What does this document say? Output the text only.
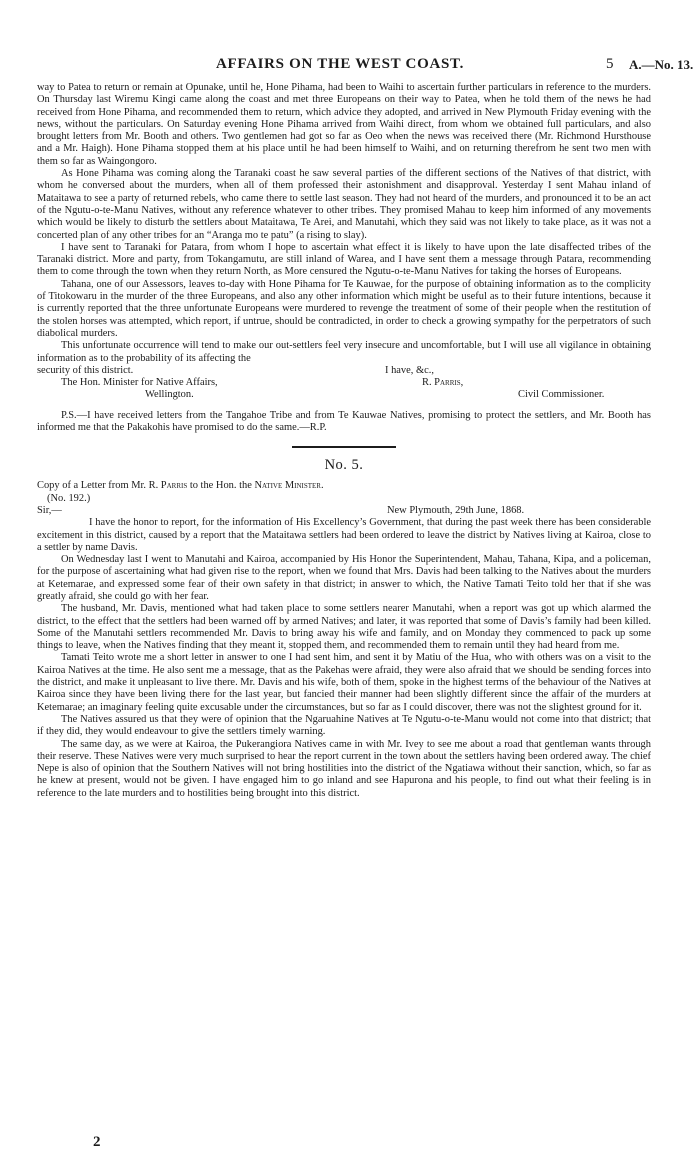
AFFAIRS ON THE WEST COAST.	5 A.—No. 13.

way to Patea to return or remain at Opunake, until he, Hone Pihama, had been to Waihi to ascertain further particulars in reference to the murders. On Thursday last Wiremu Kingi came along the coast and met three Europeans on their way to Patea, when he told them of the news he had received from Hone Pihama, and recommended them to return, which advice they adopted, and arrived in New Plymouth Friday evening with the news, without the particulars. On Saturday evening Hone Pihama arrived from Waihi direct, from whom we obtained full particulars, and also brought letters from Mr. Booth and others. Two gentlemen had got so far as Oeo when the news was received there (Mr. Richmond Hursthouse and a Mr. Haigh). Hone Pihama stopped them at his place until he had been himself to Waihi, and on returning therefrom he sent two men with them so far as Waingongoro.

As Hone Pihama was coming along the Taranaki coast he saw several parties of the different sections of the Natives of that district, with whom he conversed about the murders, when all of them professed their astonishment and disapproval. Yesterday I sent Mahau inland of Mataitawa to see a party of returned rebels, who came there to settle last season. They had not heard of the murders, and pronounced it to be an act of the Ngutu-o-te-Manu Natives, without any reference whatever to other tribes. They promised Mahau to keep him informed of any movements which would be likely to disturb the settlers about Mataitawa, Te Arei, and Manutahi, which they said was not likely to take place, as it was not a concerted plan of any other tribes for an “Aranga mo te patu” (a rising to slay).

I have sent to Taranaki for Patara, from whom I hope to ascertain what effect it is likely to have upon the late disaffected tribes of the Taranaki district. More and party, from Tokangamutu, are still inland of Warea, and I have sent them a message through Patara, recommending them to come through the town when they return North, as More censured the Ngutu-o-te-Manu Natives for taking the horses of Europeans.

Tahana, one of our Assessors, leaves to-day with Hone Pihama for Te Kauwae, for the purpose of obtaining information as to the complicity of Titokowaru in the murder of the three Europeans, and also any other information which might be useful as to their future intentions, because it is currently reported that the three unfortunate Europeans were murdered to revenge the treatment of some of their people when the restitution of the stolen horses was attempted, which report, if untrue, should be contradicted, in order to check a growing sympathy for the perpetrators of such diabolical murders.

This unfortunate occurrence will tend to make our out-settlers feel very insecure and uncomfortable, but I will use all vigilance in obtaining information as to the probability of its affecting the

security of this district.	I have, &c.,
The Hon. Minister for Native Affairs,	R. Parris,
Wellington.	Civil Commissioner.

P.S.—I have received letters from the Tangahoe Tribe and from Te Kauwae Natives, promising to protect the settlers, and Mr. Booth has informed me that the Pakakohis have promised to do the same.—R.P.

No. 5.

Copy of a Letter from Mr. R. Parris to the Hon. the Native Minister.

(No. 192.)

Sir,—	New Plymouth, 29th June, 1868.

I have the honor to report, for the information of His Excellency’s Government, that during the past week there has been considerable excitement in this district, caused by a report that the Mataitawa settlers had been ordered to leave the district by Natives living at Kairoa, close to a settler by name Davis.

On Wednesday last I went to Manutahi and Kairoa, accompanied by His Honor the Superintendent, Mahau, Tahana, Kipa, and a policeman, for the purpose of ascertaining what had given rise to the report, when we found that Mrs. Davis had been talking to the Natives about the murders at Ketemarae, and expressed some fear of their own safety in that district; in answer to which, the Native Tamati Teito told her that if she was greatly afraid, she could go with her fear.

The husband, Mr. Davis, mentioned what had taken place to some settlers nearer Manutahi, when a report was got up which alarmed the district, to the effect that the settlers had been warned off by armed Natives; and later, it was reported that some of Davis’s family had been killed. Some of the Manutahi settlers recommended Mr. Davis to bring away his wife and family, and on Monday they commenced to pack up some things to leave, when the Natives finding that they meant it, stopped them, and recommended them to remain until they had heard from me.

Tamati Teito wrote me a short letter in answer to one I had sent him, and sent it by Matiu of the Hua, who with others was on a visit to the Kairoa Natives at the time. He also sent me a message, that as the Pakehas were afraid, they were also afraid that we should be sending forces into the district, and make it unpleasant to live there. Mr. Davis and his wife, both of them, spoke in the highest terms of the behaviour of the Natives at Kairoa since they have been living there for the last year, but fancied their manner had been slightly different since the affair of the murders at Ketemarae; an imaginary feeling quite excusable under the circumstances, but so far as I could discover, there was not the slightest ground for it.

The Natives assured us that they were of opinion that the Ngaruahine Natives at Te Ngutu-o-te-Manu would not come into that district; that if they did, they would endeavour to give the settlers timely warning.

The same day, as we were at Kairoa, the Pukerangiora Natives came in with Mr. Ivey to see me about a road that gentleman wants through their reserve. These Natives were very much surprised to hear the report current in the town about the settlers having been ordered away. The chief Nepe is also of opinion that the Southern Natives will not bring hostilities into the district of the Ngatiawa without their sanction, which, so far as he knew at present, would not be given. I have engaged him to go inland and see Hapurona and his people, to find out what their feeling is in reference to the late murders and to hostilities being brought into this district.

2
